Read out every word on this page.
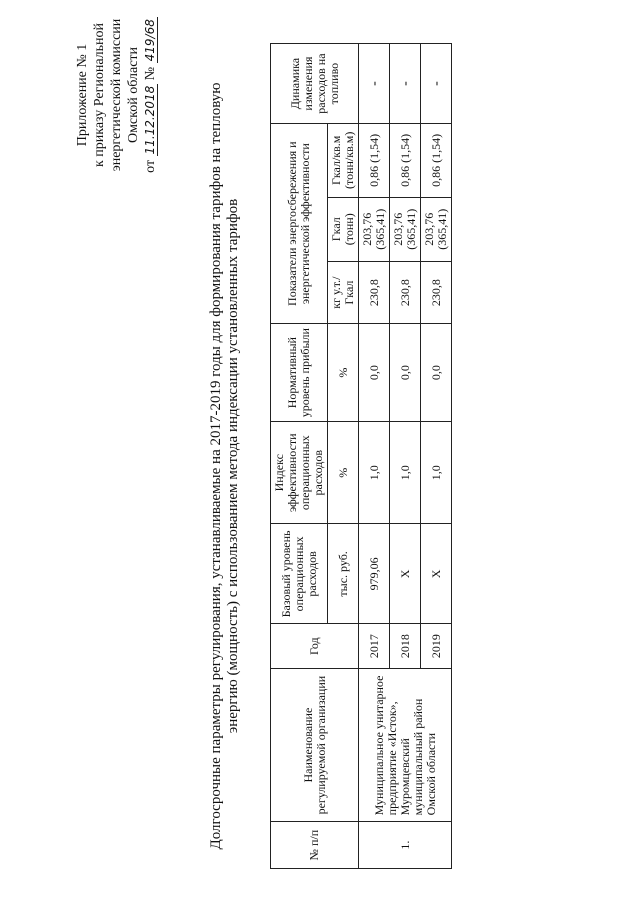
Приложение № 1 к приказу Региональной энергетической комиссии Омской области
от 11.12.2018 № 419/68
Долгосрочные параметры регулирования, устанавливаемые на 2017-2019 годы для формирования тарифов на тепловую энергию (мощность) с использованием метода индексации установленных тарифов
№ п/п	Наименование регулируемой организации	Год	Базовый уровень операционных расходов	Индекс эффективности операционных расходов	Нормативный уровень прибыли	Показатели энергосбережения и энергетической эффективности			Динамика изменения расходов на топливо
			тыс. руб.	%	%	кг у.т./Гкал	Гкал (тонн)	Гкал/кв.м (тонн/кв.м)	
1.	Муниципальное унитарное предприятие «Исток», Муромцевский муниципальный район Омской области	2017	979,06	1,0	0,0	230,8	203,76 (365,41)	0,86 (1,54)	-
		2018	X	1,0	0,0	230,8	203,76 (365,41)	0,86 (1,54)	-
		2019	X	1,0	0,0	230,8	203,76 (365,41)	0,86 (1,54)	-
